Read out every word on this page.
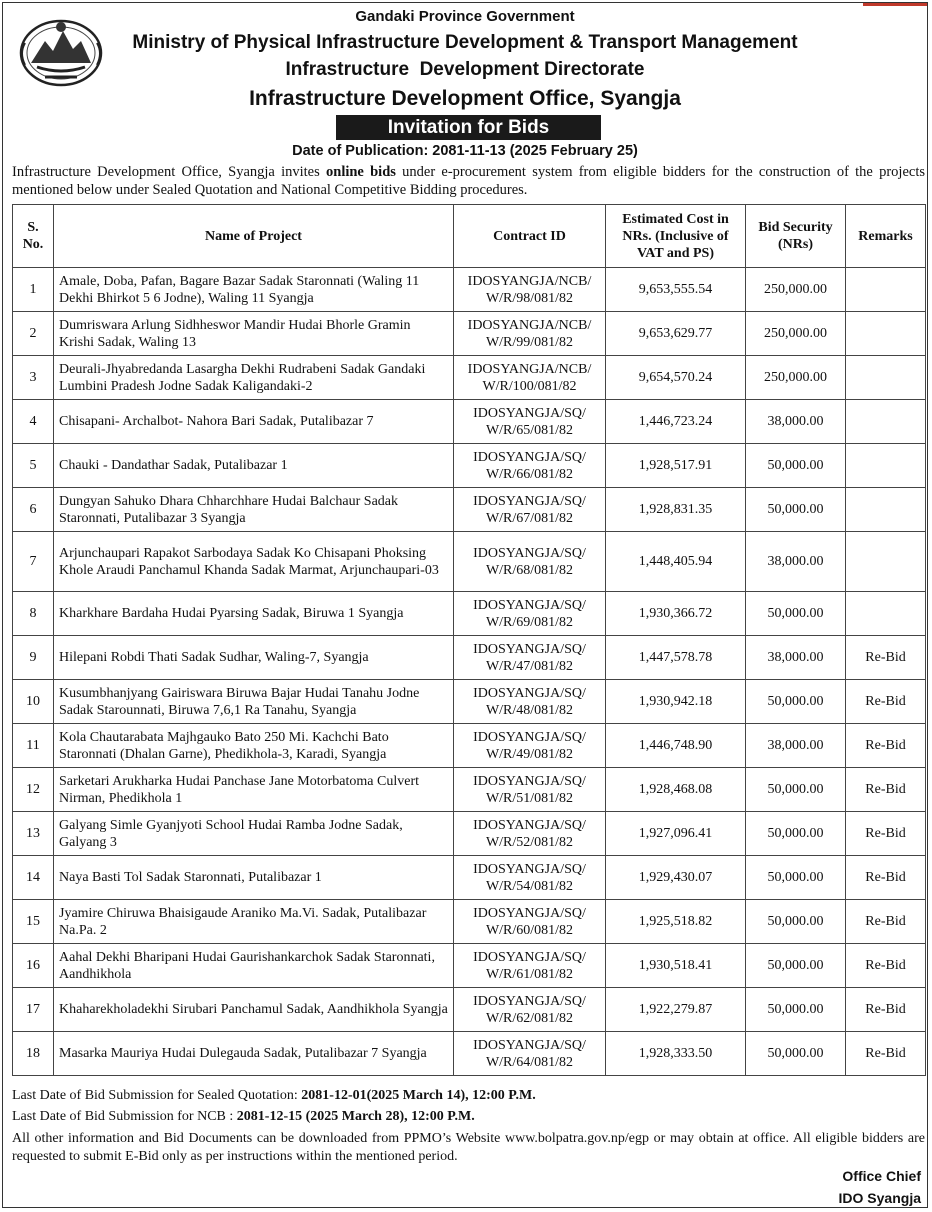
Gandaki Province Government
Ministry of Physical Infrastructure Development & Transport Management
Infrastructure  Development Directorate
Infrastructure Development Office, Syangja
Invitation for Bids
Date of Publication: 2081-11-13 (2025 February 25)
Infrastructure Development Office, Syangja invites online bids under e-procurement system from eligible bidders for the construction of the projects mentioned below under Sealed Quotation and National Competitive Bidding procedures.
S. No.	Name of Project	Contract ID	Estimated Cost in NRs. (Inclusive of VAT and PS)	Bid Security (NRs)	Remarks
1	Amale, Doba, Pafan, Bagare Bazar Sadak Staronnati (Waling 11 Dekhi Bhirkot 5 6 Jodne), Waling 11 Syangja	IDOSYANGJA/NCB/ W/R/98/081/82	9,653,555.54	250,000.00	
2	Dumriswara Arlung Sidhheswor Mandir Hudai Bhorle Gramin Krishi Sadak, Waling 13	IDOSYANGJA/NCB/ W/R/99/081/82	9,653,629.77	250,000.00	
3	Deurali-Jhyabredanda Lasargha Dekhi Rudrabeni Sadak Gandaki Lumbini Pradesh Jodne Sadak Kaligandaki-2	IDOSYANGJA/NCB/ W/R/100/081/82	9,654,570.24	250,000.00	
4	Chisapani- Archalbot- Nahora Bari Sadak, Putalibazar 7	IDOSYANGJA/SQ/ W/R/65/081/82	1,446,723.24	38,000.00	
5	Chauki - Dandathar Sadak, Putalibazar 1	IDOSYANGJA/SQ/ W/R/66/081/82	1,928,517.91	50,000.00	
6	Dungyan Sahuko Dhara Chharchhare Hudai Balchaur Sadak Staronnati, Putalibazar 3 Syangja	IDOSYANGJA/SQ/ W/R/67/081/82	1,928,831.35	50,000.00	
7	Arjunchaupari Rapakot Sarbodaya Sadak Ko Chisapani Phoksing Khole Araudi Panchamul Khanda Sadak Marmat, Arjunchaupari-03	IDOSYANGJA/SQ/ W/R/68/081/82	1,448,405.94	38,000.00	
8	Kharkhare Bardaha Hudai Pyarsing Sadak, Biruwa 1 Syangja	IDOSYANGJA/SQ/ W/R/69/081/82	1,930,366.72	50,000.00	
9	Hilepani Robdi Thati Sadak Sudhar, Waling-7, Syangja	IDOSYANGJA/SQ/ W/R/47/081/82	1,447,578.78	38,000.00	Re-Bid
10	Kusumbhanjyang Gairiswara Biruwa Bajar Hudai Tanahu Jodne Sadak Starounnati, Biruwa 7,6,1 Ra Tanahu, Syangja	IDOSYANGJA/SQ/ W/R/48/081/82	1,930,942.18	50,000.00	Re-Bid
11	Kola Chautarabata Majhgauko Bato 250 Mi. Kachchi Bato Staronnati (Dhalan Garne), Phedikhola-3, Karadi, Syangja	IDOSYANGJA/SQ/ W/R/49/081/82	1,446,748.90	38,000.00	Re-Bid
12	Sarketari Arukharka Hudai Panchase Jane Motorbatoma Culvert Nirman, Phedikhola 1	IDOSYANGJA/SQ/ W/R/51/081/82	1,928,468.08	50,000.00	Re-Bid
13	Galyang Simle Gyanjyoti School Hudai Ramba Jodne Sadak, Galyang 3	IDOSYANGJA/SQ/ W/R/52/081/82	1,927,096.41	50,000.00	Re-Bid
14	Naya Basti Tol Sadak Staronnati, Putalibazar 1	IDOSYANGJA/SQ/ W/R/54/081/82	1,929,430.07	50,000.00	Re-Bid
15	Jyamire Chiruwa Bhaisigaude Araniko Ma.Vi. Sadak, Putalibazar Na.Pa. 2	IDOSYANGJA/SQ/ W/R/60/081/82	1,925,518.82	50,000.00	Re-Bid
16	Aahal Dekhi Bharipani Hudai Gaurishankarchok Sadak Staronnati, Aandhikhola	IDOSYANGJA/SQ/ W/R/61/081/82	1,930,518.41	50,000.00	Re-Bid
17	Khaharekholadekhi Sirubari Panchamul Sadak, Aandhikhola Syangja	IDOSYANGJA/SQ/ W/R/62/081/82	1,922,279.87	50,000.00	Re-Bid
18	Masarka Mauriya Hudai Dulegauda Sadak, Putalibazar 7 Syangja	IDOSYANGJA/SQ/ W/R/64/081/82	1,928,333.50	50,000.00	Re-Bid
Last Date of Bid Submission for Sealed Quotation: 2081-12-01(2025 March 14), 12:00 P.M.
Last Date of Bid Submission for NCB : 2081-12-15 (2025 March 28), 12:00 P.M.
All other information and Bid Documents can be downloaded from PPMO’s Website www.bolpatra.gov.np/egp or may obtain at office. All eligible bidders are requested to submit E-Bid only as per instructions within the mentioned period.
Office Chief
IDO Syangja
